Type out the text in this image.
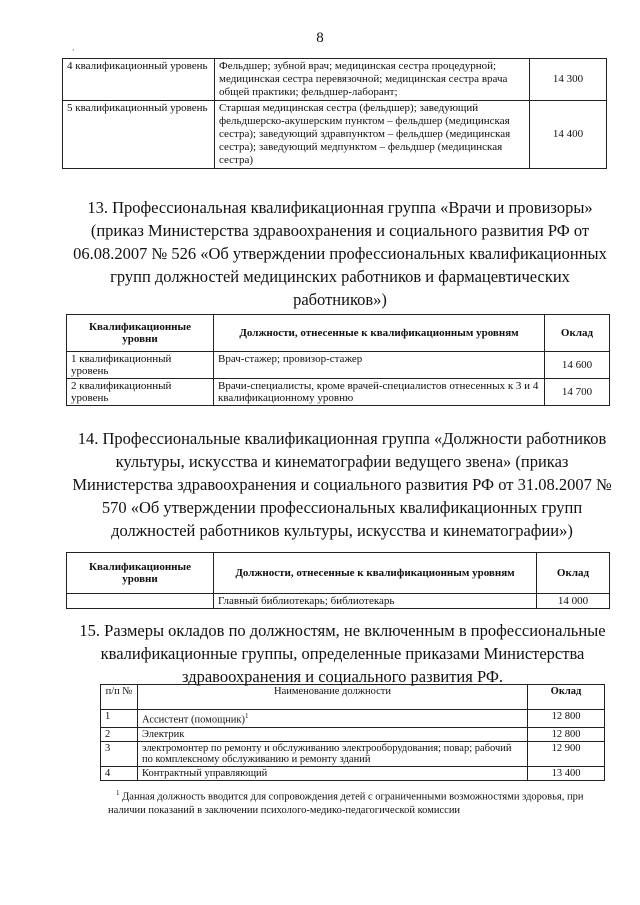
8
·
4 квалификационный уровень	Фельдшер; зубной врач; медицинская сестра процедурной; медицинская сестра перевязочной; медицинская сестра врача общей практики; фельдшер-лаборант;	14 300
5 квалификационный уровень	Старшая медицинская сестра (фельдшер); заведующий фельдшерско-акушерским пунктом – фельдшер (медицинская сестра); заведующий здравпунктом – фельдшер (медицинская сестра); заведующий медпунктом – фельдшер (медицинская сестра)	14 400
13. Профессиональная квалификационная группа «Врачи и провизоры» (приказ Министерства здравоохранения и социального развития РФ от 06.08.2007 № 526 «Об утверждении профессиональных квалификационных групп должностей медицинских работников и фармацевтических работников»)
Квалификационные уровни	Должности, отнесенные к квалификационным уровням	Оклад
1 квалификационный уровень	Врач-стажер; провизор-стажер	14 600
2 квалификационный уровень	Врачи-специалисты, кроме врачей-специалистов отнесенных к 3 и 4 квалификационному уровню	14 700
14. Профессиональные квалификационная группа «Должности работников культуры, искусства и кинематографии ведущего звена» (приказ Министерства здравоохранения и социального развития РФ от 31.08.2007 № 570 «Об утверждении профессиональных квалификационных групп должностей работников культуры, искусства и кинематографии»)
Квалификационные уровни	Должности, отнесенные к квалификационным уровням	Оклад
	Главный библиотекарь; библиотекарь	14 000
15. Размеры окладов по должностям, не включенным в профессиональные квалификационные группы, определенные приказами Министерства здравоохранения и социального развития РФ.
п/п №	Наименование должности	Оклад
1	Ассистент (помощник)$^1$	12 800
2	Электрик	12 800
3	электромонтер по ремонту и обслуживанию электрооборудования; повар; рабочий по комплексному обслуживанию и ремонту зданий	12 900
4	Контрактный управляющий	13 400
$^1$ Данная должность вводится для сопровождения детей с ограниченными возможностями здоровья, при наличии показаний в заключении психолого-медико-педагогической комиссии
